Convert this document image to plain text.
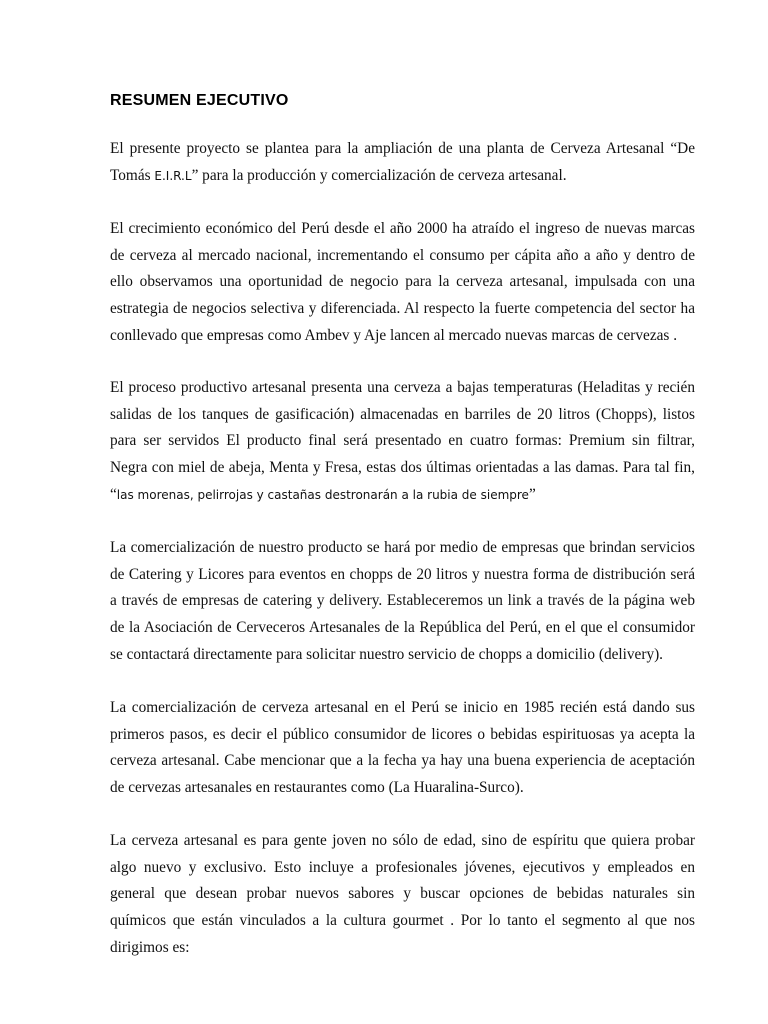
RESUMEN EJECUTIVO

El presente proyecto se plantea para la ampliación de una planta de Cerveza Artesanal “De
Tomás E.I.R.L” para la producción y comercialización de cerveza artesanal.

El crecimiento económico del Perú desde el año 2000 ha atraído el ingreso de nuevas marcas
de cerveza al mercado nacional, incrementando el consumo per cápita año a año y dentro de
ello observamos una oportunidad de negocio para la cerveza artesanal, impulsada con una
estrategia de negocios selectiva y diferenciada. Al respecto la fuerte competencia del sector ha
conllevado que empresas como Ambev y Aje lancen al mercado nuevas marcas de cervezas .

El proceso productivo artesanal presenta una cerveza a bajas temperaturas (Heladitas y recién
salidas de los tanques de gasificación) almacenadas en barriles de 20 litros (Chopps), listos
para ser servidos El producto final será presentado en cuatro formas: Premium sin filtrar,
Negra con miel de abeja, Menta y Fresa, estas dos últimas orientadas a las damas. Para tal fin,
“las morenas, pelirrojas y castañas destronarán a la rubia de siempre”

La comercialización de nuestro producto se hará por medio de empresas que brindan servicios
de Catering y Licores para eventos en chopps de 20 litros y nuestra forma de distribución será
a través de empresas de catering y delivery. Estableceremos un link a través de la página web
de la Asociación de Cerveceros Artesanales de la República del Perú, en el que el consumidor
se contactará directamente para solicitar nuestro servicio de chopps a domicilio (delivery).

La comercialización de cerveza artesanal en el Perú se inicio en 1985 recién está dando sus
primeros pasos, es decir el público consumidor de licores o bebidas espirituosas ya acepta la
cerveza artesanal. Cabe mencionar que a la fecha ya hay una buena experiencia de aceptación
de cervezas artesanales en restaurantes como (La Huaralina-Surco).

La cerveza artesanal es para gente joven no sólo de edad, sino de espíritu que quiera probar
algo nuevo y exclusivo. Esto incluye a profesionales jóvenes, ejecutivos y empleados en
general que desean probar nuevos sabores y buscar opciones de bebidas naturales sin
químicos que están vinculados a la cultura gourmet . Por lo tanto el segmento al que nos
dirigimos es:
